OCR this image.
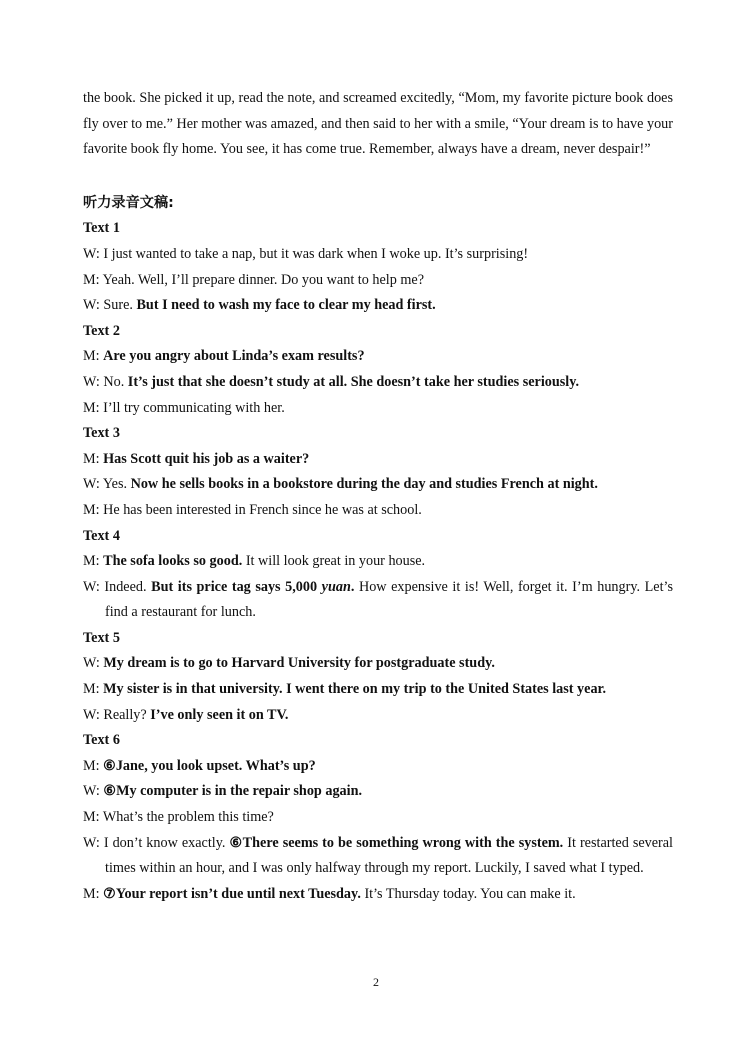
the book. She picked it up, read the note, and screamed excitedly, “Mom, my favorite picture book does fly over to me.” Her mother was amazed, and then said to her with a smile, “Your dream is to have your favorite book fly home. You see, it has come true. Remember, always have a dream, never despair!”

听力录音文稿:
Text 1
W: I just wanted to take a nap, but it was dark when I woke up. It’s surprising!
M: Yeah. Well, I’ll prepare dinner. Do you want to help me?
W: Sure. But I need to wash my face to clear my head first.
Text 2
M: Are you angry about Linda’s exam results?
W: No. It’s just that she doesn’t study at all. She doesn’t take her studies seriously.
M: I’ll try communicating with her.
Text 3
M: Has Scott quit his job as a waiter?
W: Yes. Now he sells books in a bookstore during the day and studies French at night.
M: He has been interested in French since he was at school.
Text 4
M: The sofa looks so good. It will look great in your house.
W: Indeed. But its price tag says 5,000 yuan. How expensive it is! Well, forget it. I’m hungry. Let’s find a restaurant for lunch.
Text 5
W: My dream is to go to Harvard University for postgraduate study.
M: My sister is in that university. I went there on my trip to the United States last year.
W: Really? I’ve only seen it on TV.
Text 6
M: ⑥Jane, you look upset. What’s up?
W: ⑥My computer is in the repair shop again.
M: What’s the problem this time?
W: I don’t know exactly. ⑥There seems to be something wrong with the system. It restarted several times within an hour, and I was only halfway through my report. Luckily, I saved what I typed.
M: ⑦Your report isn’t due until next Tuesday. It’s Thursday today. You can make it.
2
